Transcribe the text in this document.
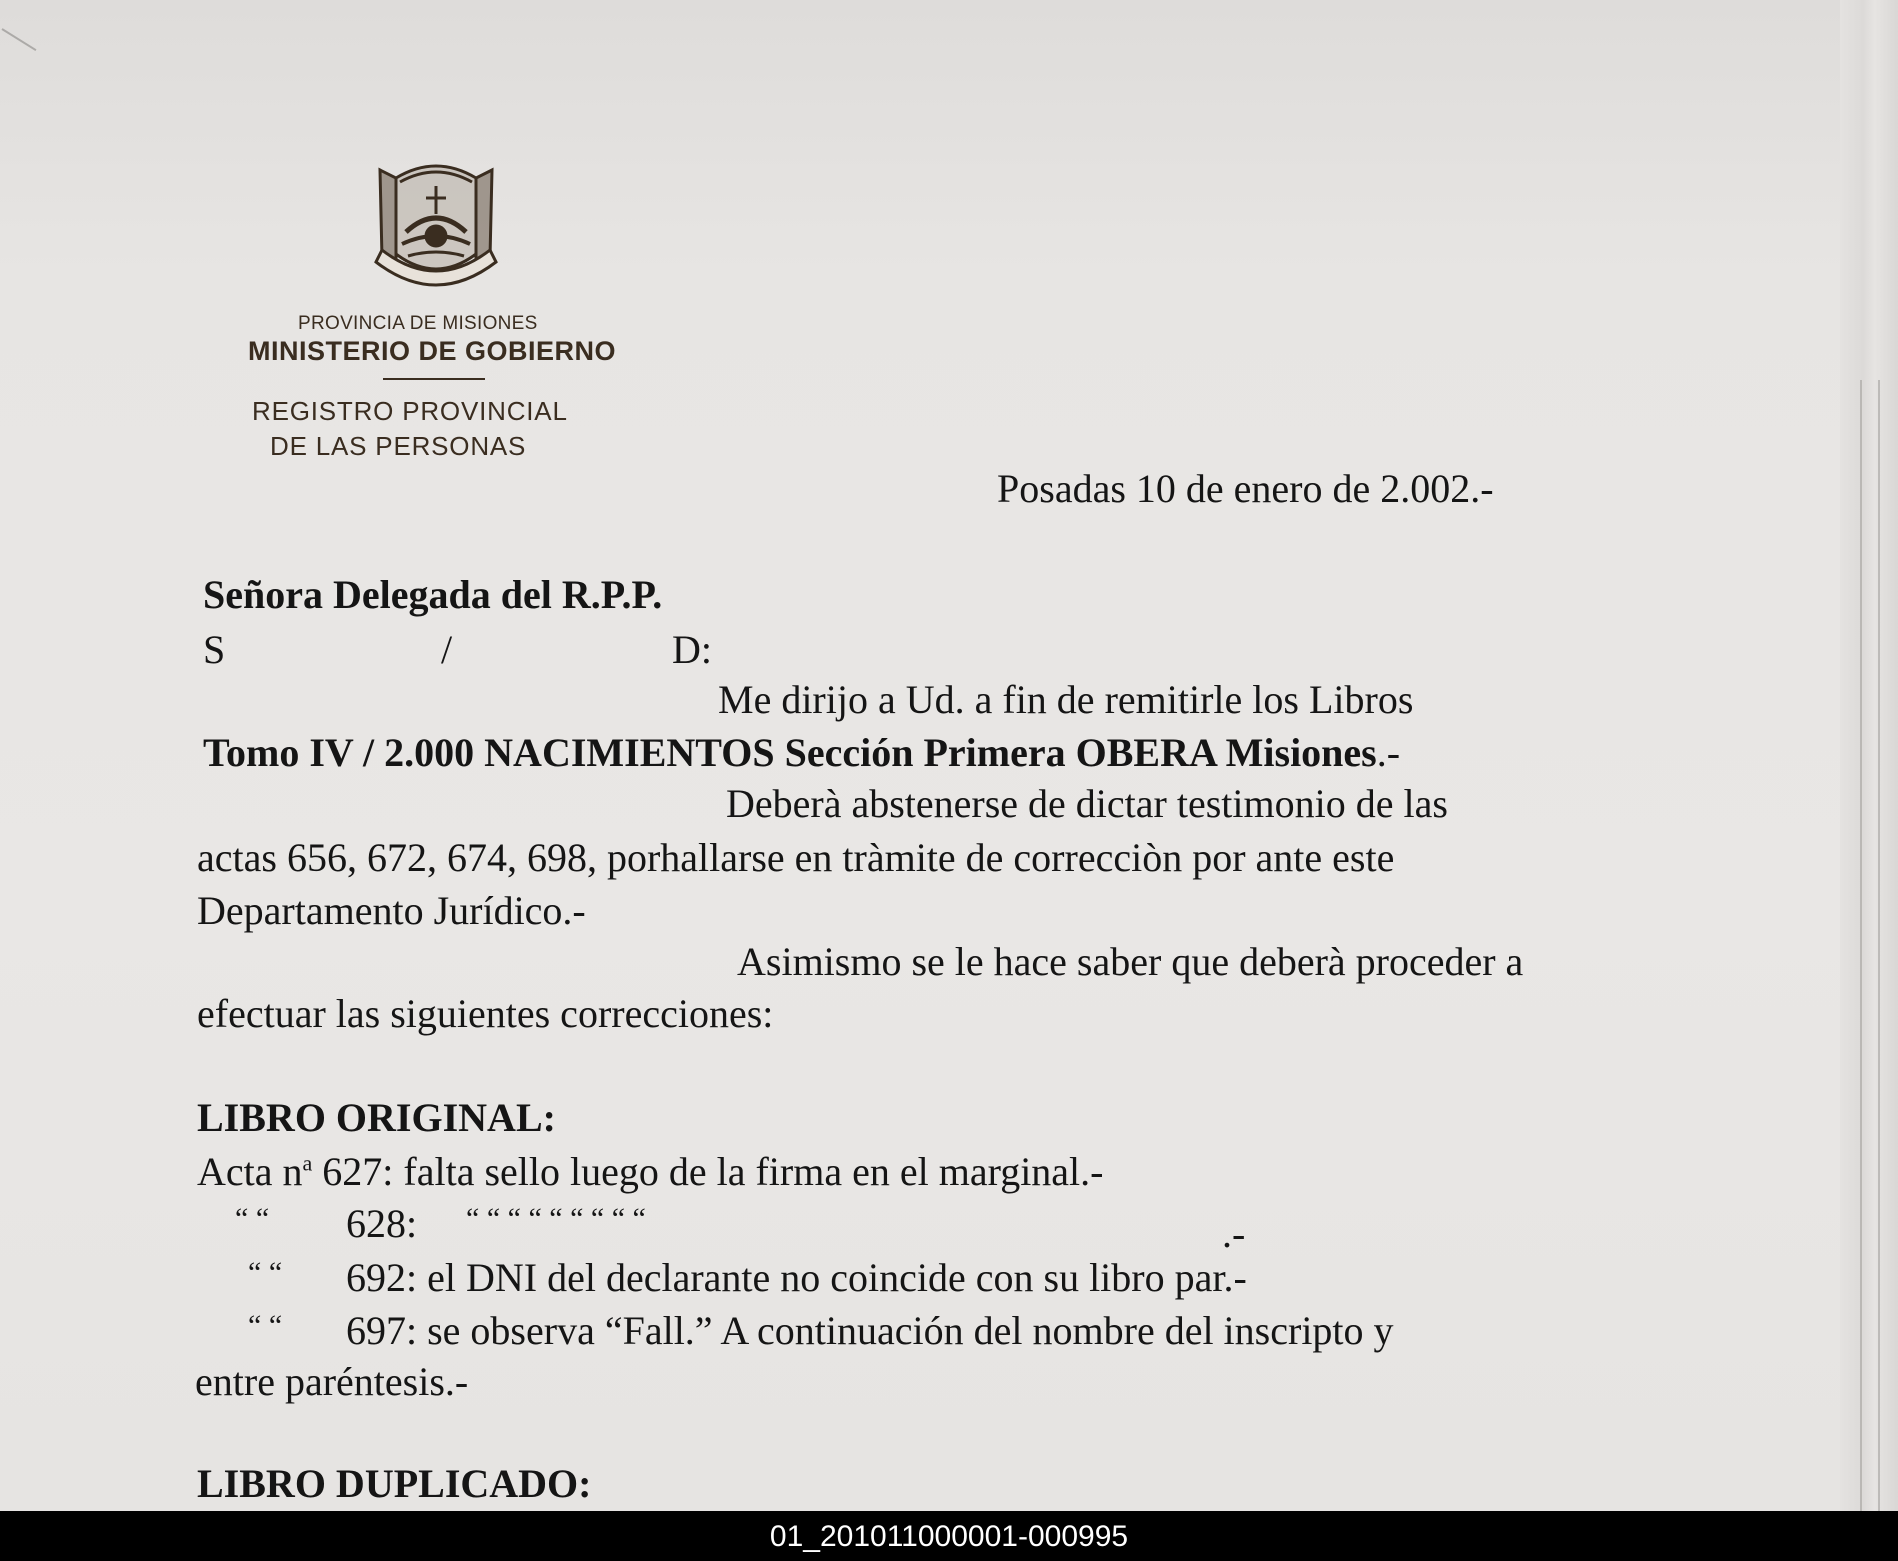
PROVINCIA DE MISIONES
MINISTERIO DE GOBIERNO
REGISTRO PROVINCIAL
DE LAS PERSONAS
Posadas 10 de enero de 2.002.-
Señora Delegada del R.P.P.
S	/	D:
Me dirijo a Ud. a fin de remitirle los Libros
Tomo IV / 2.000 NACIMIENTOS Sección Primera OBERA Misiones.-
Deberà abstenerse de dictar testimonio de las
actas 656, 672, 674, 698, porhallarse en tràmite de correcciòn por ante este
Departamento Jurídico.-
Asimismo se le hace saber que deberà proceder a
efectuar las siguientes correcciones:
LIBRO ORIGINAL:
Acta $n^a$ 627: falta sello luego de la firma en el marginal.-
“ “ 628: “ “ “ “ “ “ “ “ “	.-
“ “ 692: el DNI del declarante no coincide con su libro par.-
“ “ 697: se observa “Fall.” A continuación del nombre del inscripto y
entre paréntesis.-
LIBRO DUPLICADO:
01_201011000001-000995
